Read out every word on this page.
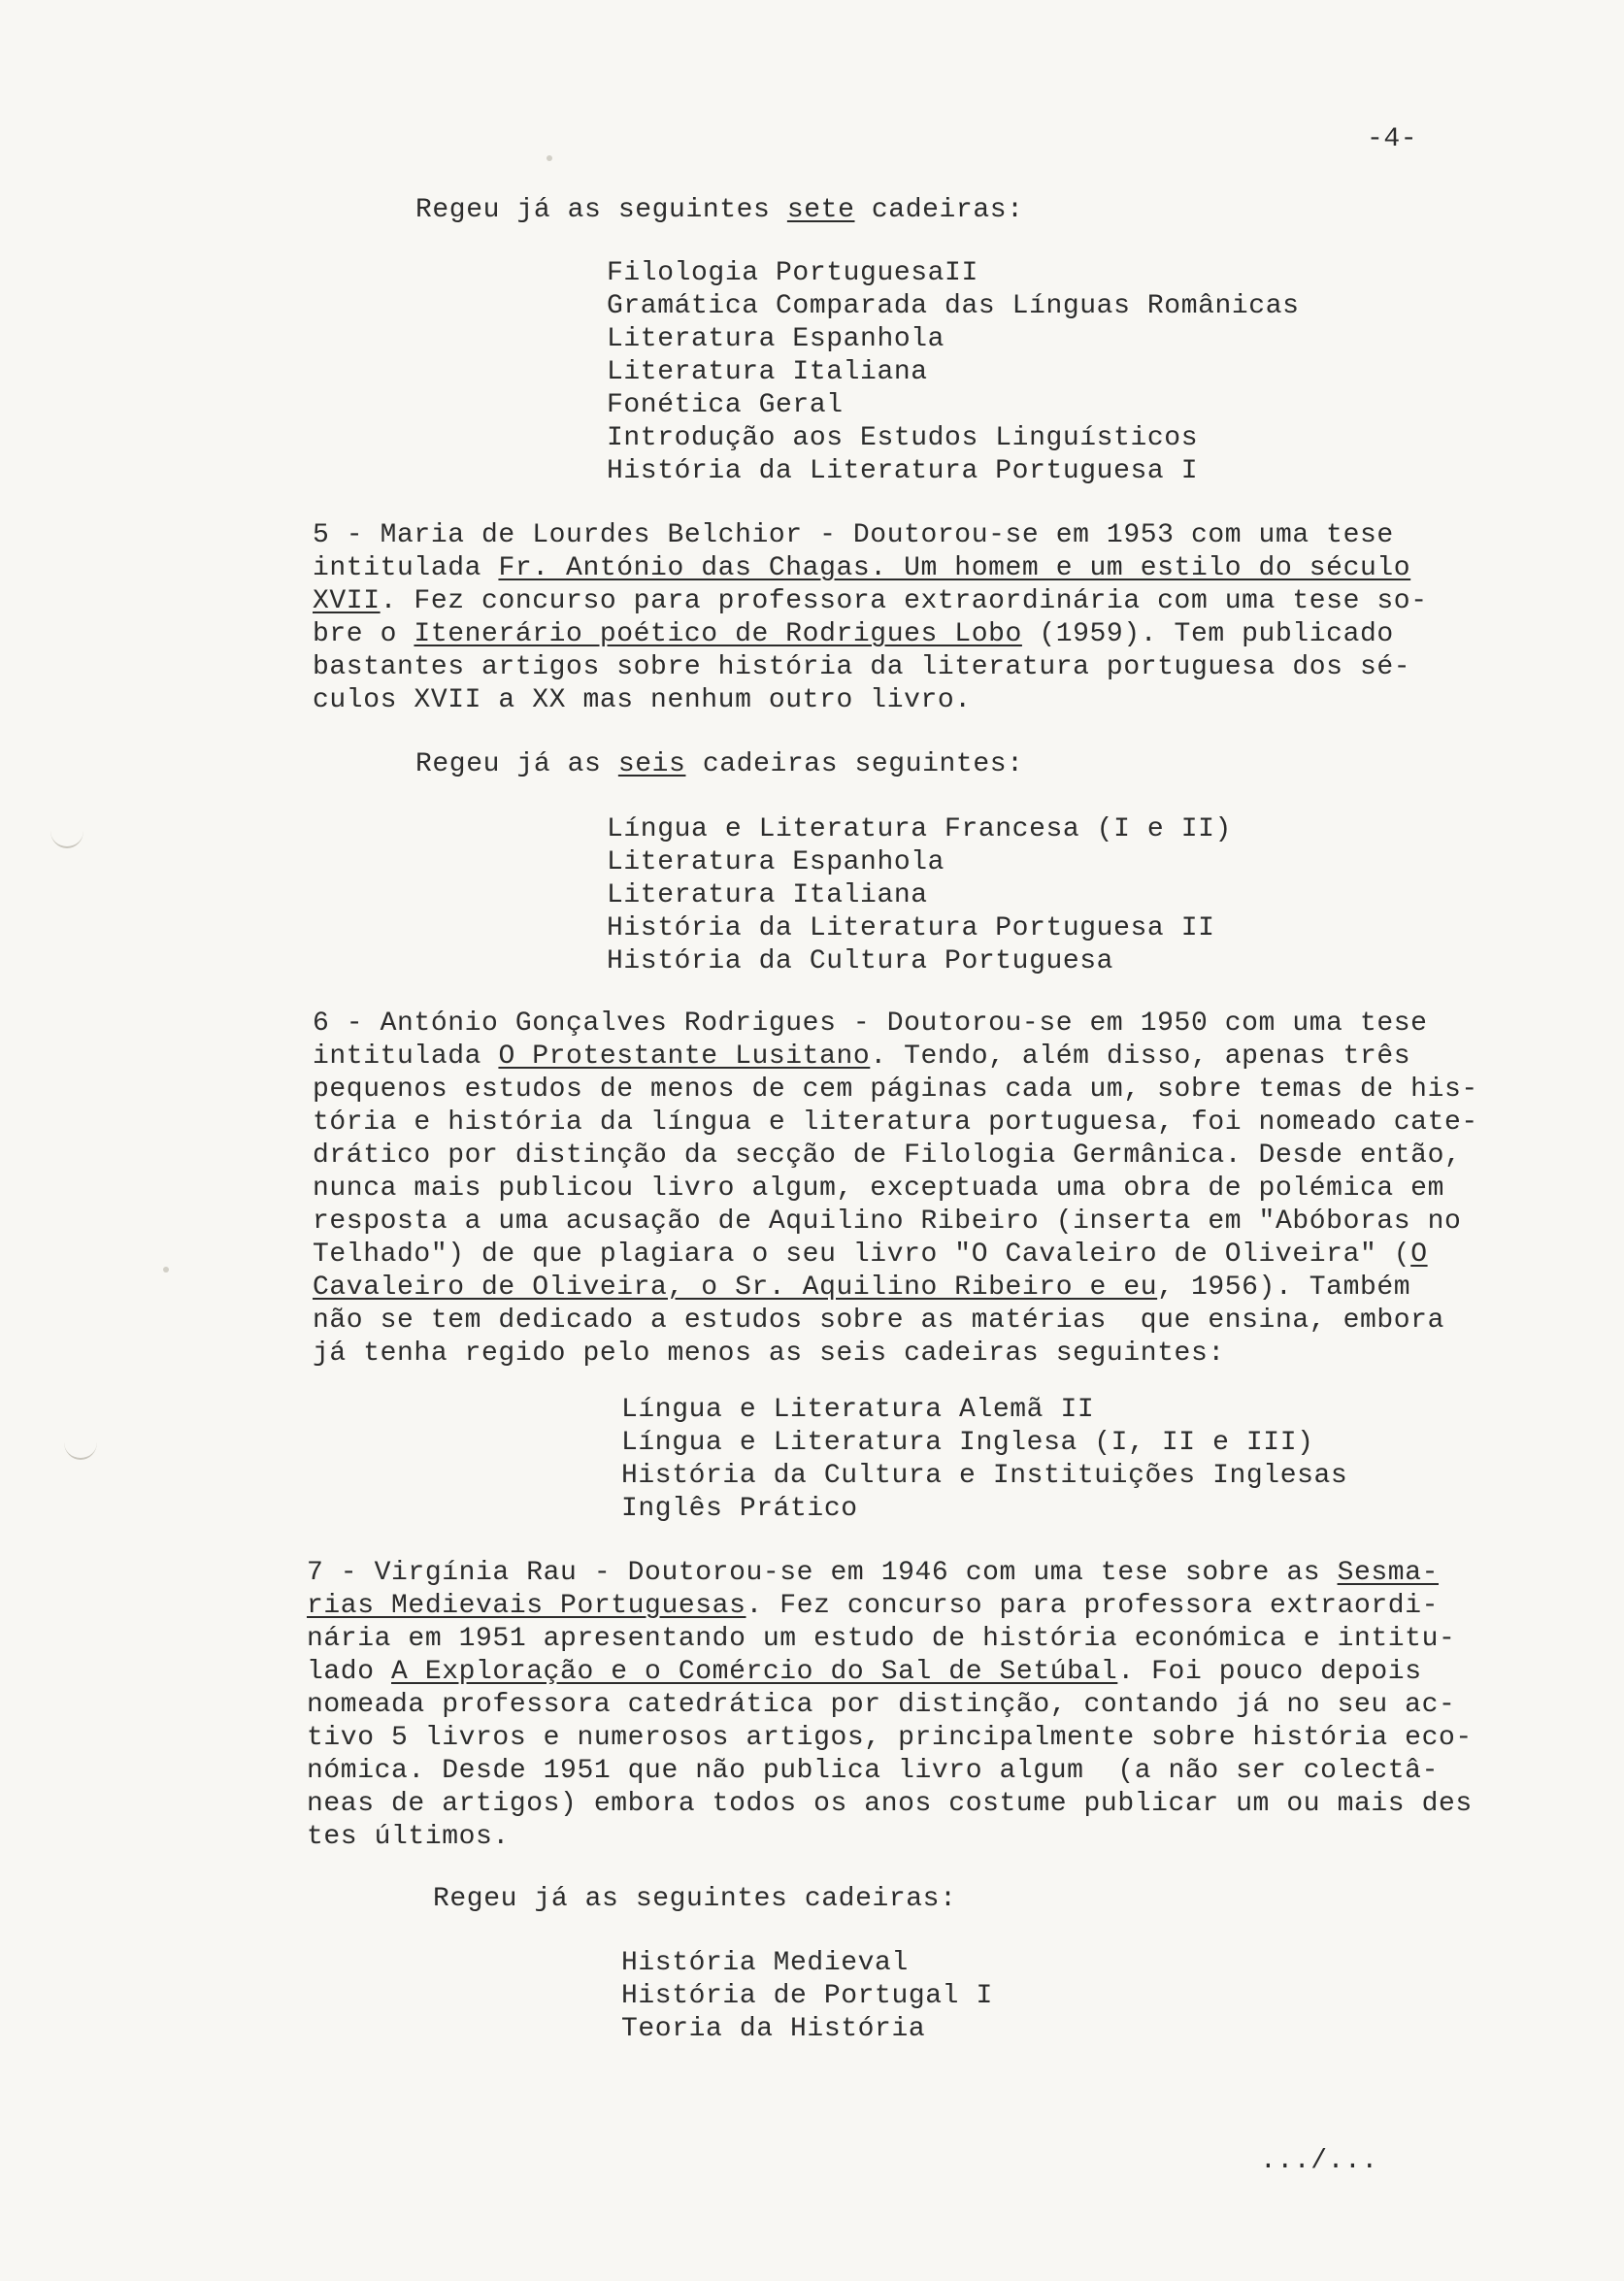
-4-
Regeu já as seguintes sete cadeiras:
Filologia PortuguesaII
Gramática Comparada das Línguas Românicas
Literatura Espanhola
Literatura Italiana
Fonética Geral
Introdução aos Estudos Linguísticos
História da Literatura Portuguesa I
5 - Maria de Lourdes Belchior - Doutorou-se em 1953 com uma tese
intitulada Fr. António das Chagas. Um homem e um estilo do século
XVII. Fez concurso para professora extraordinária com uma tese so-
bre o Itenerário poético de Rodrigues Lobo (1959). Tem publicado
bastantes artigos sobre história da literatura portuguesa dos sé-
culos XVII a XX mas nenhum outro livro.
Regeu já as seis cadeiras seguintes:
Língua e Literatura Francesa (I e II)
Literatura Espanhola
Literatura Italiana
História da Literatura Portuguesa II
História da Cultura Portuguesa
6 - António Gonçalves Rodrigues - Doutorou-se em 1950 com uma tese
intitulada O Protestante Lusitano. Tendo, além disso, apenas três
pequenos estudos de menos de cem páginas cada um, sobre temas de his-
tória e história da língua e literatura portuguesa, foi nomeado cate-
drático por distinção da secção de Filologia Germânica. Desde então,
nunca mais publicou livro algum, exceptuada uma obra de polémica em
resposta a uma acusação de Aquilino Ribeiro (inserta em "Abóboras no
Telhado") de que plagiara o seu livro "O Cavaleiro de Oliveira" (O
Cavaleiro de Oliveira, o Sr. Aquilino Ribeiro e eu, 1956). Também
não se tem dedicado a estudos sobre as matérias  que ensina, embora
já tenha regido pelo menos as seis cadeiras seguintes:
Língua e Literatura Alemã II
Língua e Literatura Inglesa (I, II e III)
História da Cultura e Instituições Inglesas
Inglês Prático
7 - Virgínia Rau - Doutorou-se em 1946 com uma tese sobre as Sesma-
rias Medievais Portuguesas. Fez concurso para professora extraordi-
nária em 1951 apresentando um estudo de história económica e intitu-
lado A Exploração e o Comércio do Sal de Setúbal. Foi pouco depois
nomeada professora catedrática por distinção, contando já no seu ac-
tivo 5 livros e numerosos artigos, principalmente sobre história eco-
nómica. Desde 1951 que não publica livro algum  (a não ser colectâ-
neas de artigos) embora todos os anos costume publicar um ou mais des
tes últimos.
Regeu já as seguintes cadeiras:
História Medieval
História de Portugal I
Teoria da História
.../...
